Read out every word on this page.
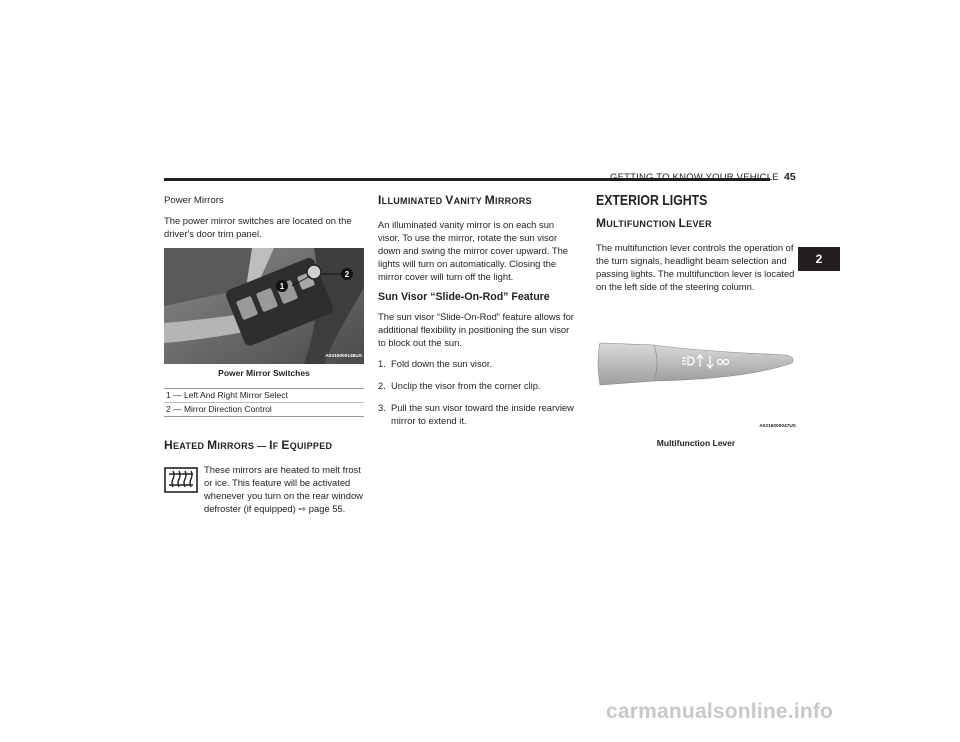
GETTING TO KNOW YOUR VEHICLE 45
2
Power Mirrors

The power mirror switches are located on the driver's door trim panel.

1
2
A0315000148US
Power Mirror Switches
1 — Left And Right Mirror Select
2 — Mirror Direction Control
HEATED MIRRORS — IF EQUIPPED
These mirrors are heated to melt frost or ice. This feature will be activated whenever you turn on the rear window defroster (if equipped) ⇨ page 55.
ILLUMINATED VANITY MIRRORS

An illuminated vanity mirror is on each sun visor. To use the mirror, rotate the sun visor down and swing the mirror cover upward. The lights will turn on automatically. Closing the mirror cover will turn off the light.

Sun Visor “Slide-On-Rod” Feature

The sun visor “Slide-On-Rod” feature allows for additional flexibility in positioning the sun visor to block out the sun.

1. Fold down the sun visor.
2. Unclip the visor from the corner clip.
3. Pull the sun visor toward the inside rearview mirror to extend it.
EXTERIOR LIGHTS
MULTIFUNCTION LEVER

The multifunction lever controls the operation of the turn signals, headlight beam selection and passing lights. The multifunction lever is located on the left side of the steering column.

A0216000047US
Multifunction Lever
carmanualsonline.info
